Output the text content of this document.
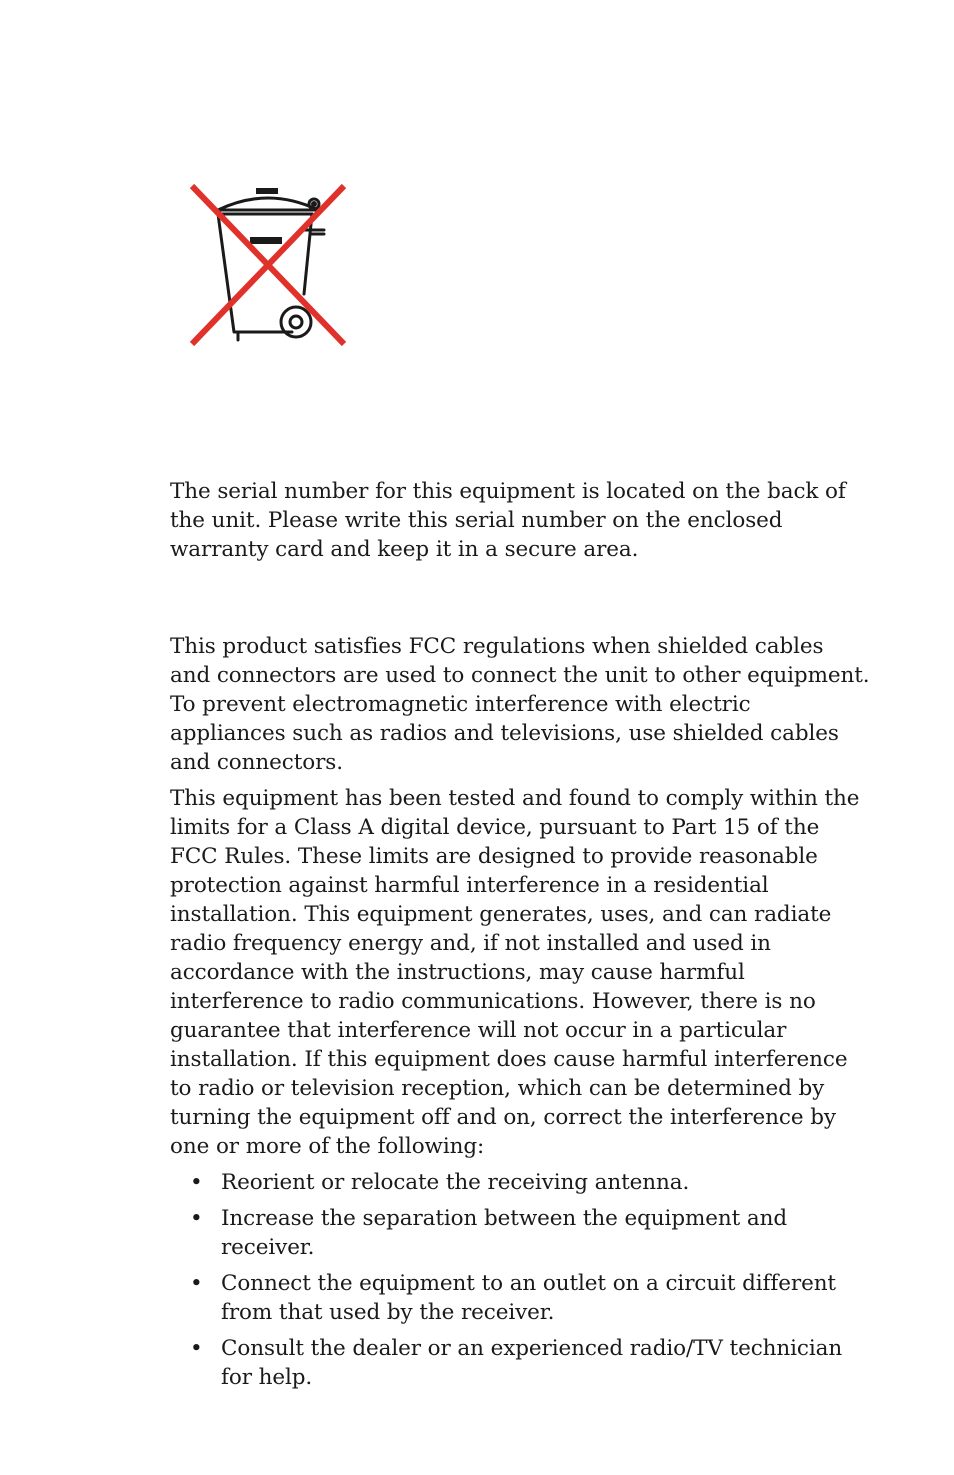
The serial number for this equipment is located on the back of the unit. Please write this serial number on the enclosed warranty card and keep it in a secure area.

This product satisfies FCC regulations when shielded cables and connectors are used to connect the unit to other equipment. To prevent electromagnetic interference with electric appliances such as radios and televisions, use shielded cables and connectors.

This equipment has been tested and found to comply within the limits for a Class A digital device, pursuant to Part 15 of the FCC Rules. These limits are designed to provide reasonable protection against harmful interference in a residential installation. This equipment generates, uses, and can radiate radio frequency energy and, if not installed and used in accordance with the instructions, may cause harmful interference to radio communications. However, there is no guarantee that interference will not occur in a particular installation. If this equipment does cause harmful interference to radio or television reception, which can be determined by turning the equipment off and on, correct the interference by one or more of the following:

• Reorient or relocate the receiving antenna.
• Increase the separation between the equipment and receiver.
• Connect the equipment to an outlet on a circuit different from that used by the receiver.
• Consult the dealer or an experienced radio/TV technician for help.
